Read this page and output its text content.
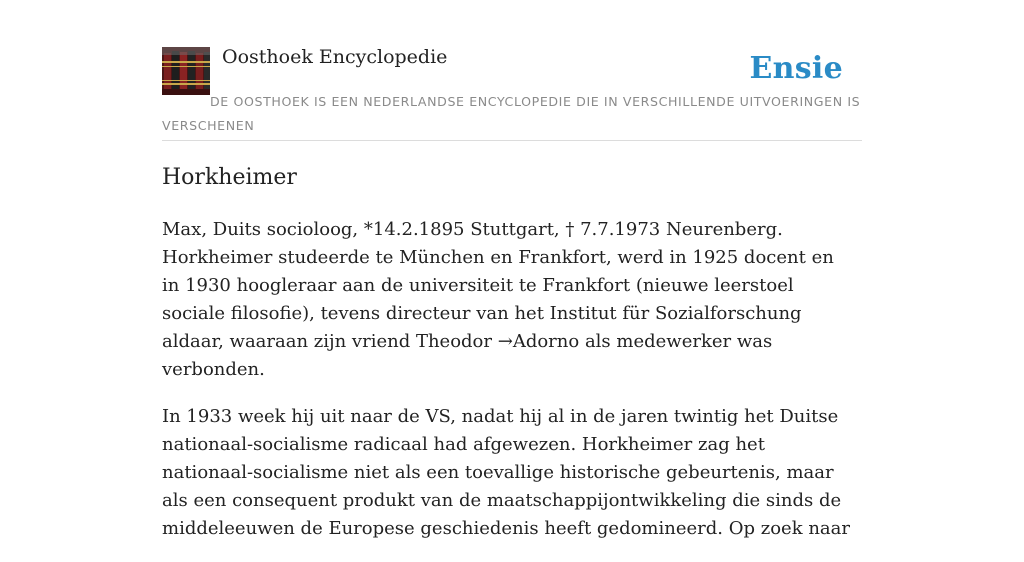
Oosthoek Encyclopedie	Ensie
DE OOSTHOEK IS EEN NEDERLANDSE ENCYCLOPEDIE DIE IN VERSCHILLENDE UITVOERINGEN IS VERSCHENEN
Horkheimer

Max, Duits socioloog, *14.2.1895 Stuttgart, † 7.7.1973 Neurenberg. Horkheimer studeerde te München en Frankfort, werd in 1925 docent en in 1930 hoogleraar aan de universiteit te Frankfort (nieuwe leerstoel sociale filosofie), tevens directeur van het Institut für Sozialforschung aldaar, waaraan zijn vriend Theodor →Adorno als medewerker was verbonden.

In 1933 week hij uit naar de VS, nadat hij al in de jaren twintig het Duitse nationaal-socialisme radicaal had afgewezen. Horkheimer zag het nationaal-socialisme niet als een toevallige historische gebeurtenis, maar als een consequent produkt van de maatschappijontwikkeling die sinds de middeleeuwen de Europese geschiedenis heeft gedomineerd. Op zoek naar
